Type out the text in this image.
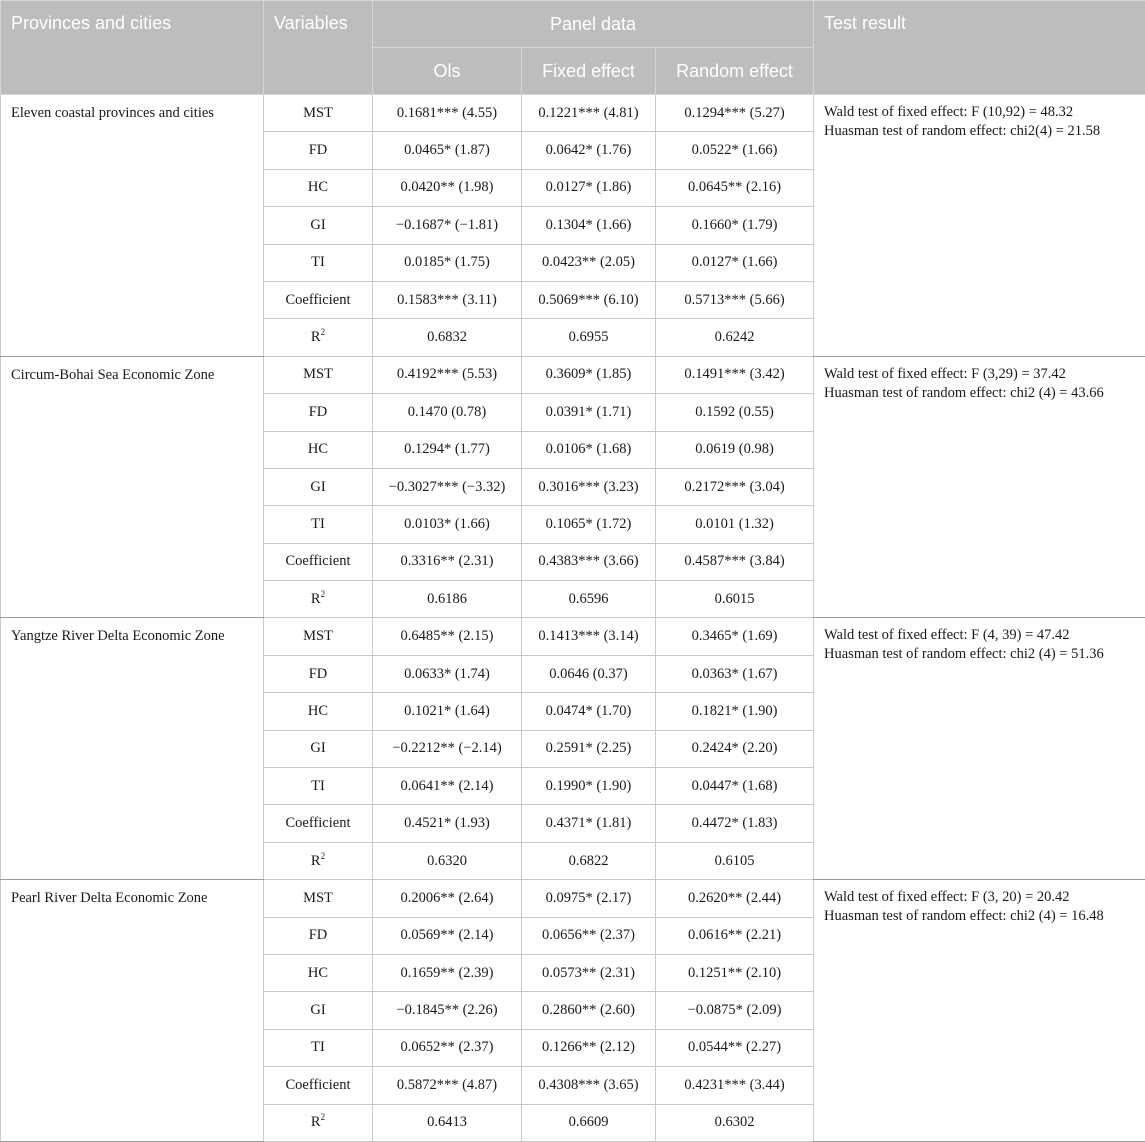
Provinces and cities	Variables	Panel data			Test result
		Ols	Fixed effect	Random effect	
Eleven coastal provinces and cities	MST	0.1681*** (4.55)	0.1221*** (4.81)	0.1294*** (5.27)	Wald test of fixed effect: F (10,92) = 48.32
Huasman test of random effect: chi2(4) = 21.58

	FD	0.0465* (1.87)	0.0642* (1.76)	0.0522* (1.66)	
	HC	0.0420** (1.98)	0.0127* (1.86)	0.0645** (2.16)	
	GI	−0.1687* (−1.81)	0.1304* (1.66)	0.1660* (1.79)	
	TI	0.0185* (1.75)	0.0423** (2.05)	0.0127* (1.66)	
	Coefficient	0.1583*** (3.11)	0.5069*** (6.10)	0.5713*** (5.66)	
	$R^2$	0.6832	0.6955	0.6242	
Circum-Bohai Sea Economic Zone	MST	0.4192*** (5.53)	0.3609* (1.85)	0.1491*** (3.42)	Wald test of fixed effect: F (3,29) = 37.42
Huasman test of random effect: chi2 (4) = 43.66

	FD	0.1470 (0.78)	0.0391* (1.71)	0.1592 (0.55)	
	HC	0.1294* (1.77)	0.0106* (1.68)	0.0619 (0.98)	
	GI	−0.3027*** (−3.32)	0.3016*** (3.23)	0.2172*** (3.04)	
	TI	0.0103* (1.66)	0.1065* (1.72)	0.0101 (1.32)	
	Coefficient	0.3316** (2.31)	0.4383*** (3.66)	0.4587*** (3.84)	
	$R^2$	0.6186	0.6596	0.6015	
Yangtze River Delta Economic Zone	MST	0.6485** (2.15)	0.1413*** (3.14)	0.3465* (1.69)	Wald test of fixed effect: F (4, 39) = 47.42
Huasman test of random effect: chi2 (4) = 51.36

	FD	0.0633* (1.74)	0.0646 (0.37)	0.0363* (1.67)	
	HC	0.1021* (1.64)	0.0474* (1.70)	0.1821* (1.90)	
	GI	−0.2212** (−2.14)	0.2591* (2.25)	0.2424* (2.20)	
	TI	0.0641** (2.14)	0.1990* (1.90)	0.0447* (1.68)	
	Coefficient	0.4521* (1.93)	0.4371* (1.81)	0.4472* (1.83)	
	$R^2$	0.6320	0.6822	0.6105	
Pearl River Delta Economic Zone	MST	0.2006** (2.64)	0.0975* (2.17)	0.2620** (2.44)	Wald test of fixed effect: F (3, 20) = 20.42
Huasman test of random effect: chi2 (4) = 16.48

	FD	0.0569** (2.14)	0.0656** (2.37)	0.0616** (2.21)	
	HC	0.1659** (2.39)	0.0573** (2.31)	0.1251** (2.10)	
	GI	−0.1845** (2.26)	0.2860** (2.60)	−0.0875* (2.09)	
	TI	0.0652** (2.37)	0.1266** (2.12)	0.0544** (2.27)	
	Coefficient	0.5872*** (4.87)	0.4308*** (3.65)	0.4231*** (3.44)	
	$R^2$	0.6413	0.6609	0.6302	
